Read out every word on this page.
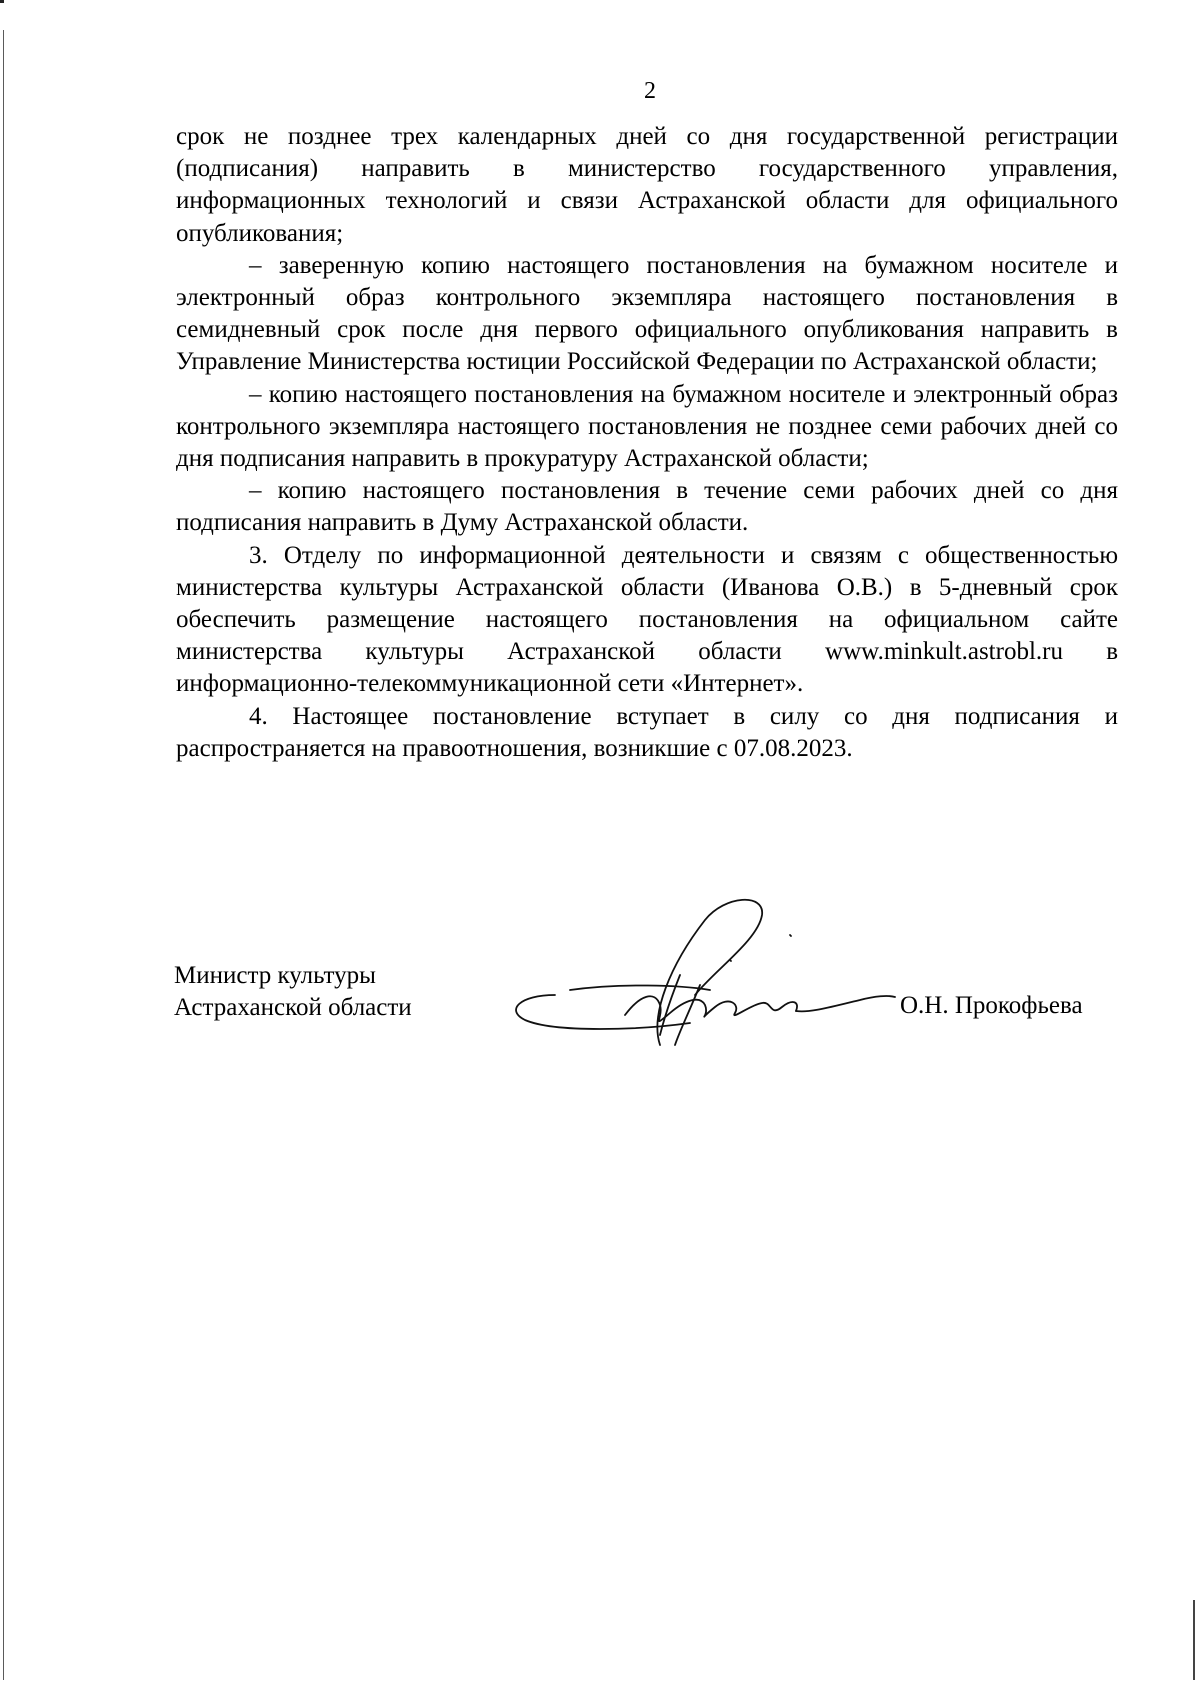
2

срок не позднее трех календарных дней со дня государственной регистрации (подписания) направить в министерство государственного управления, информационных технологий и связи Астраханской области для официального опубликования;

– заверенную копию настоящего постановления на бумажном носителе и электронный образ контрольного экземпляра настоящего постановления в семидневный срок после дня первого официального опубликования направить в Управление Министерства юстиции Российской Федерации по Астраханской области;

– копию настоящего постановления на бумажном носителе и электронный образ контрольного экземпляра настоящего постановления не позднее семи рабочих дней со дня подписания направить в прокуратуру Астраханской области;

– копию настоящего постановления в течение семи рабочих дней со дня подписания направить в Думу Астраханской области.

3. Отделу по информационной деятельности и связям с общественностью министерства культуры Астраханской области (Иванова О.В.) в 5-дневный срок обеспечить размещение настоящего постановления на официальном сайте министерства культуры Астраханской области www.minkult.astrobl.ru в информационно-телекоммуникационной сети «Интернет».

4. Настоящее постановление вступает в силу со дня подписания и распространяется на правоотношения, возникшие с 07.08.2023.

Министр культуры
Астраханской области	О.Н. Прокофьева
